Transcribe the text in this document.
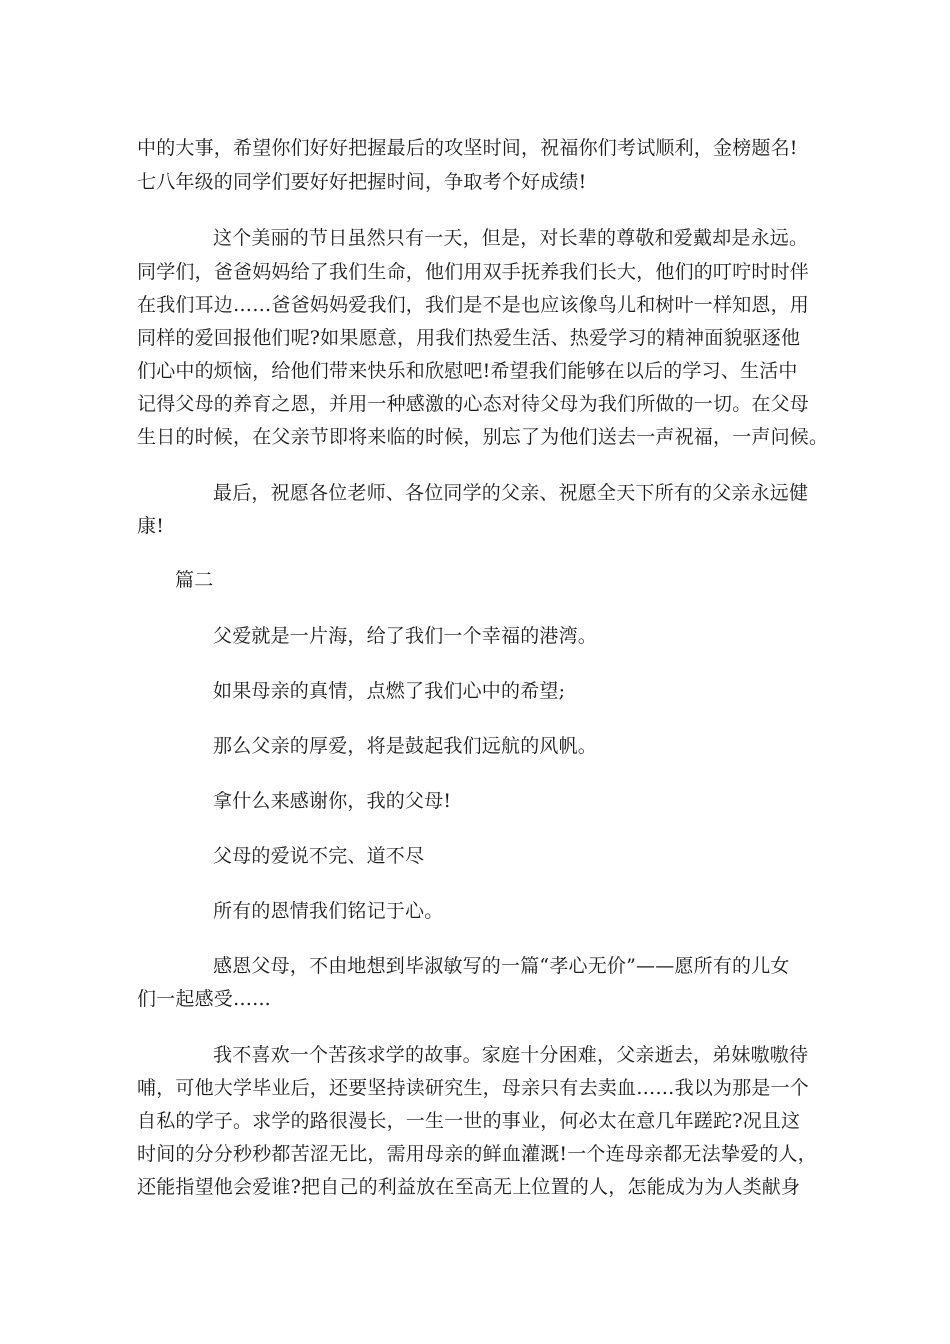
中的大事，希望你们好好把握最后的攻坚时间，祝福你们考试顺利，金榜题名!
七八年级的同学们要好好把握时间，争取考个好成绩!
这个美丽的节日虽然只有一天，但是，对长辈的尊敬和爱戴却是永远。
同学们，爸爸妈妈给了我们生命，他们用双手抚养我们长大，他们的叮咛时时伴
在我们耳边……爸爸妈妈爱我们，我们是不是也应该像鸟儿和树叶一样知恩，用
同样的爱回报他们呢?如果愿意，用我们热爱生活、热爱学习的精神面貌驱逐他
们心中的烦恼，给他们带来快乐和欣慰吧!希望我们能够在以后的学习、生活中
记得父母的养育之恩，并用一种感激的心态对待父母为我们所做的一切。在父母
生日的时候，在父亲节即将来临的时候，别忘了为他们送去一声祝福，一声问候。
最后，祝愿各位老师、各位同学的父亲、祝愿全天下所有的父亲永远健
康!
篇二
父爱就是一片海，给了我们一个幸福的港湾。
如果母亲的真情，点燃了我们心中的希望;
那么父亲的厚爱，将是鼓起我们远航的风帆。
拿什么来感谢你，我的父母!
父母的爱说不完、道不尽
所有的恩情我们铭记于心。
感恩父母，不由地想到毕淑敏写的一篇“孝心无价”——愿所有的儿女
们一起感受…...
我不喜欢一个苦孩求学的故事。家庭十分困难，父亲逝去，弟妹嗷嗷待
哺，可他大学毕业后，还要坚持读研究生，母亲只有去卖血……我以为那是一个
自私的学子。求学的路很漫长，一生一世的事业，何必太在意几年蹉跎?况且这
时间的分分秒秒都苦涩无比，需用母亲的鲜血灌溉!一个连母亲都无法挚爱的人，
还能指望他会爱谁?把自己的利益放在至高无上位置的人，怎能成为为人类献身
